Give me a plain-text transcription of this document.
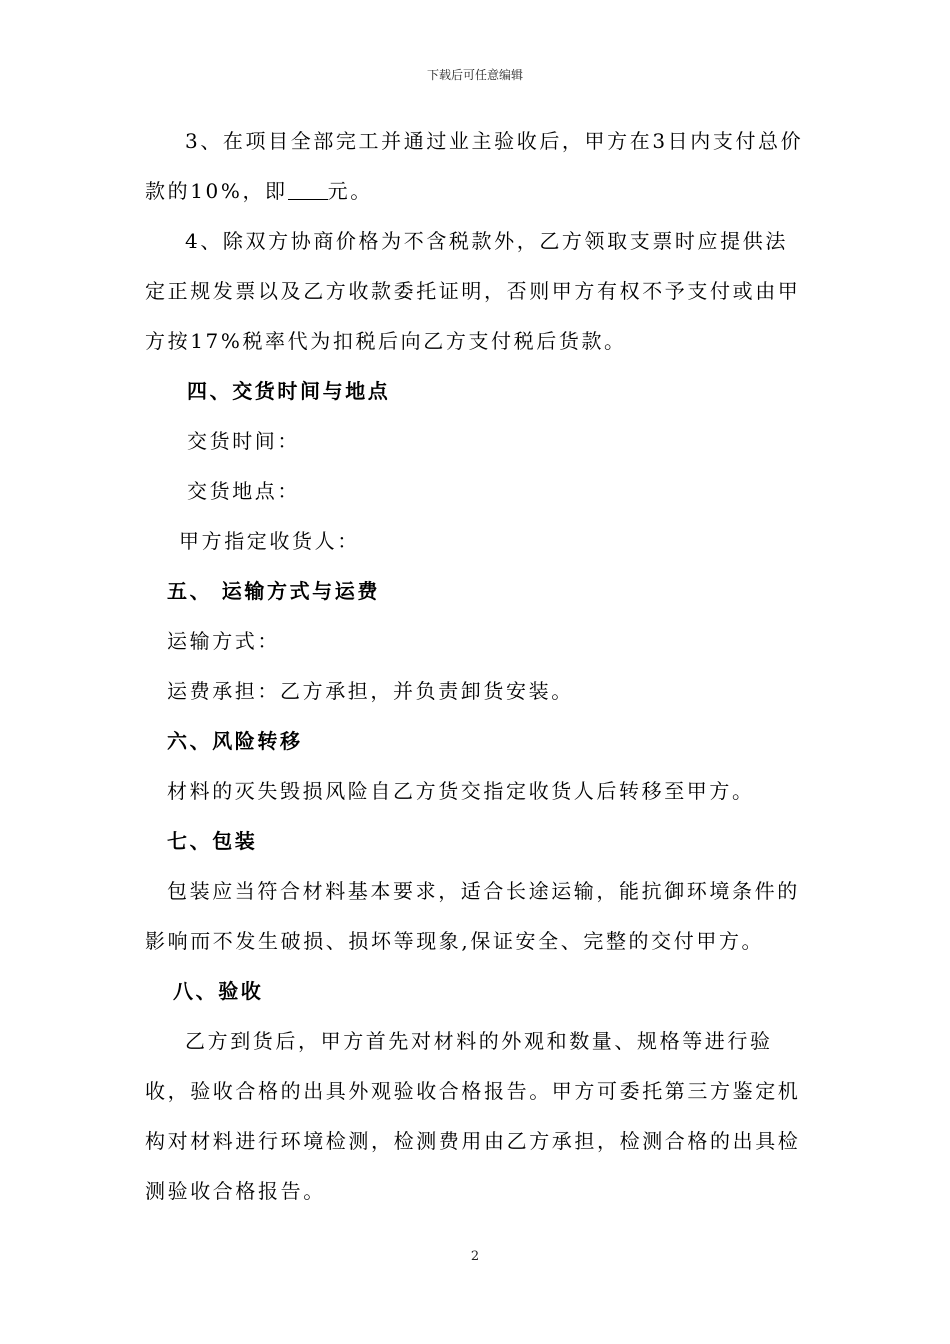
下载后可任意编辑

3、在项目全部完工并通过业主验收后，甲方在3日内支付总价款的10%，即 元。

4、除双方协商价格为不含税款外，乙方领取支票时应提供法定正规发票以及乙方收款委托证明，否则甲方有权不予支付或由甲方按17%税率代为扣税后向乙方支付税后货款。

四、交货时间与地点

交货时间：

交货地点：

甲方指定收货人：

五、 运输方式与运费

运输方式：

运费承担：乙方承担，并负责卸货安装。

六、风险转移

材料的灭失毁损风险自乙方货交指定收货人后转移至甲方。

七、包装

包装应当符合材料基本要求，适合长途运输，能抗御环境条件的影响而不发生破损、损坏等现象,保证安全、完整的交付甲方。

八、验收

乙方到货后，甲方首先对材料的外观和数量、规格等进行验收，验收合格的出具外观验收合格报告。甲方可委托第三方鉴定机构对材料进行环境检测，检测费用由乙方承担，检测合格的出具检测验收合格报告。

2
